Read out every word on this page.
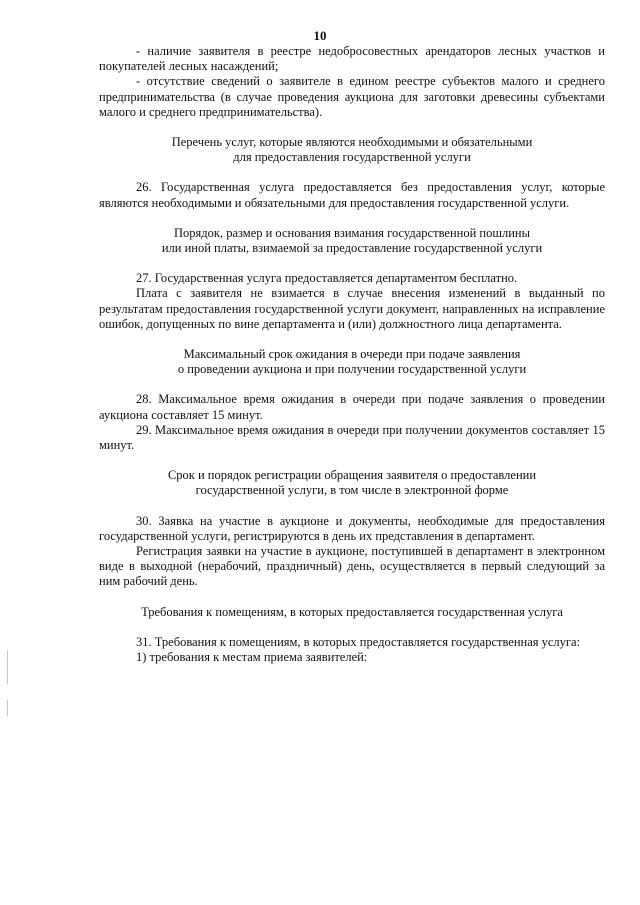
10

- наличие заявителя в реестре недобросовестных арендаторов лесных участков и покупателей лесных насаждений;

- отсутствие сведений о заявителе в едином реестре субъектов малого и среднего предпринимательства (в случае проведения аукциона для заготовки древесины субъектами малого и среднего предпринимательства).

Перечень услуг, которые являются необходимыми и обязательными

для предоставления государственной услуги

26. Государственная услуга предоставляется без предоставления услуг, которые являются необходимыми и обязательными для предоставления государственной услуги.

Порядок, размер и основания взимания государственной пошлины

или иной платы, взимаемой за предоставление государственной услуги

27. Государственная услуга предоставляется департаментом бесплатно.

Плата с заявителя не взимается в случае внесения изменений в выданный по результатам предоставления государственной услуги документ, направленных на исправление ошибок, допущенных по вине департамента и (или) должностного лица департамента.

Максимальный срок ожидания в очереди при подаче заявления

о проведении аукциона и при получении государственной услуги

28. Максимальное время ожидания в очереди при подаче заявления о проведении аукциона составляет 15 минут.

29. Максимальное время ожидания в очереди при получении документов составляет 15 минут.

Срок и порядок регистрации обращения заявителя о предоставлении

государственной услуги, в том числе в электронной форме

30. Заявка на участие в аукционе и документы, необходимые для предоставления государственной услуги, регистрируются в день их представления в департамент.

Регистрация заявки на участие в аукционе, поступившей в департамент в электронном виде в выходной (нерабочий, праздничный) день, осуществляется в первый следующий за ним рабочий день.

Требования к помещениям, в которых предоставляется государственная услуга

31. Требования к помещениям, в которых предоставляется государственная услуга:

1) требования к местам приема заявителей:
